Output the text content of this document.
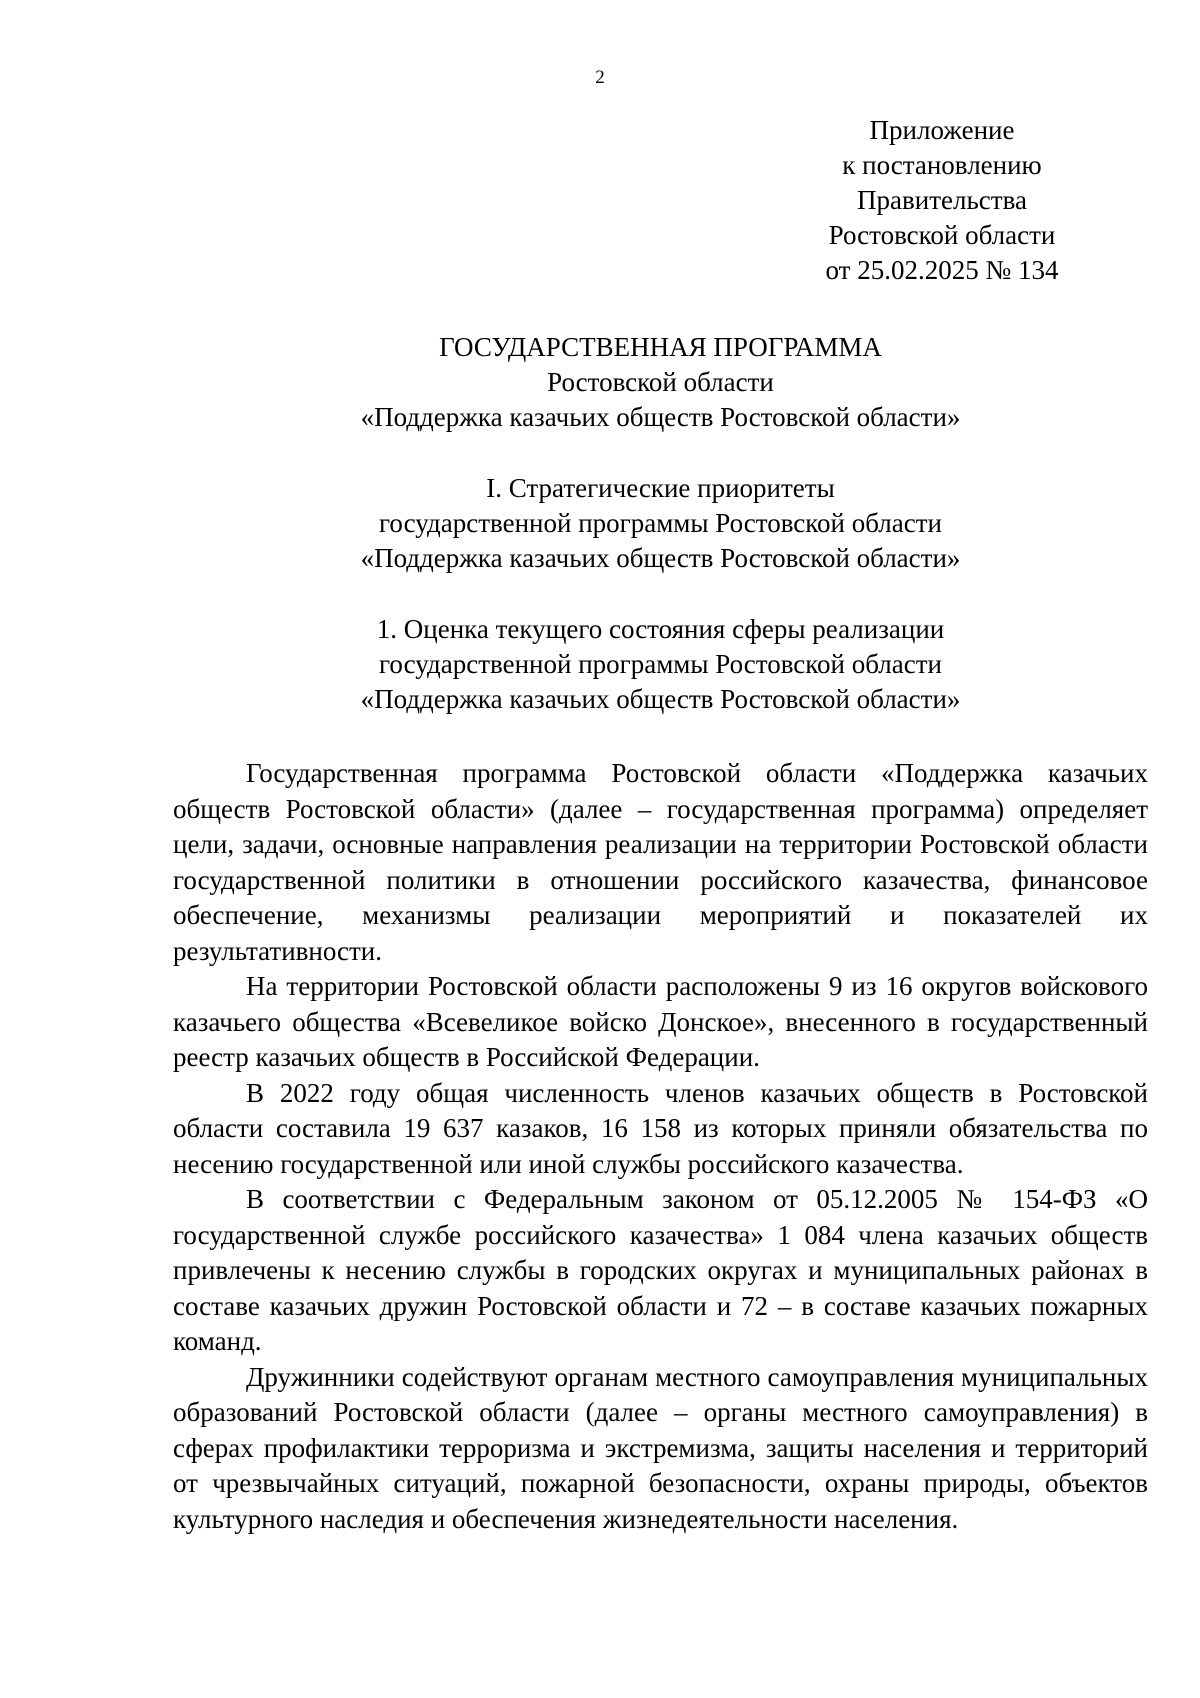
2
Приложение
к постановлению
Правительства
Ростовской области
от 25.02.2025 № 134
ГОСУДАРСТВЕННАЯ ПРОГРАММА
Ростовской области
«Поддержка казачьих обществ Ростовской области»
I. Стратегические приоритеты
государственной программы Ростовской области
«Поддержка казачьих обществ Ростовской области»
1. Оценка текущего состояния сферы реализации
государственной программы Ростовской области
«Поддержка казачьих обществ Ростовской области»

Государственная программа Ростовской области «Поддержка казачьих обществ Ростовской области» (далее – государственная программа) определяет цели, задачи, основные направления реализации на территории Ростовской области государственной политики в отношении российского казачества, финансовое обеспечение, механизмы реализации мероприятий и показателей их результативности.

На территории Ростовской области расположены 9 из 16 округов войскового казачьего общества «Всевеликое войско Донское», внесенного в государственный реестр казачьих обществ в Российской Федерации.

В 2022 году общая численность членов казачьих обществ в Ростовской области составила 19 637 казаков, 16 158 из которых приняли обязательства по несению государственной или иной службы российского казачества.

В соответствии с Федеральным законом от 05.12.2005 № 154-ФЗ «О государственной службе российского казачества» 1 084 члена казачьих обществ привлечены к несению службы в городских округах и муниципальных районах в составе казачьих дружин Ростовской области и 72 – в составе казачьих пожарных команд.

Дружинники содействуют органам местного самоуправления муниципальных образований Ростовской области (далее – органы местного самоуправления) в сферах профилактики терроризма и экстремизма, защиты населения и территорий от чрезвычайных ситуаций, пожарной безопасности, охраны природы, объектов культурного наследия и обеспечения жизнедеятельности населения.
